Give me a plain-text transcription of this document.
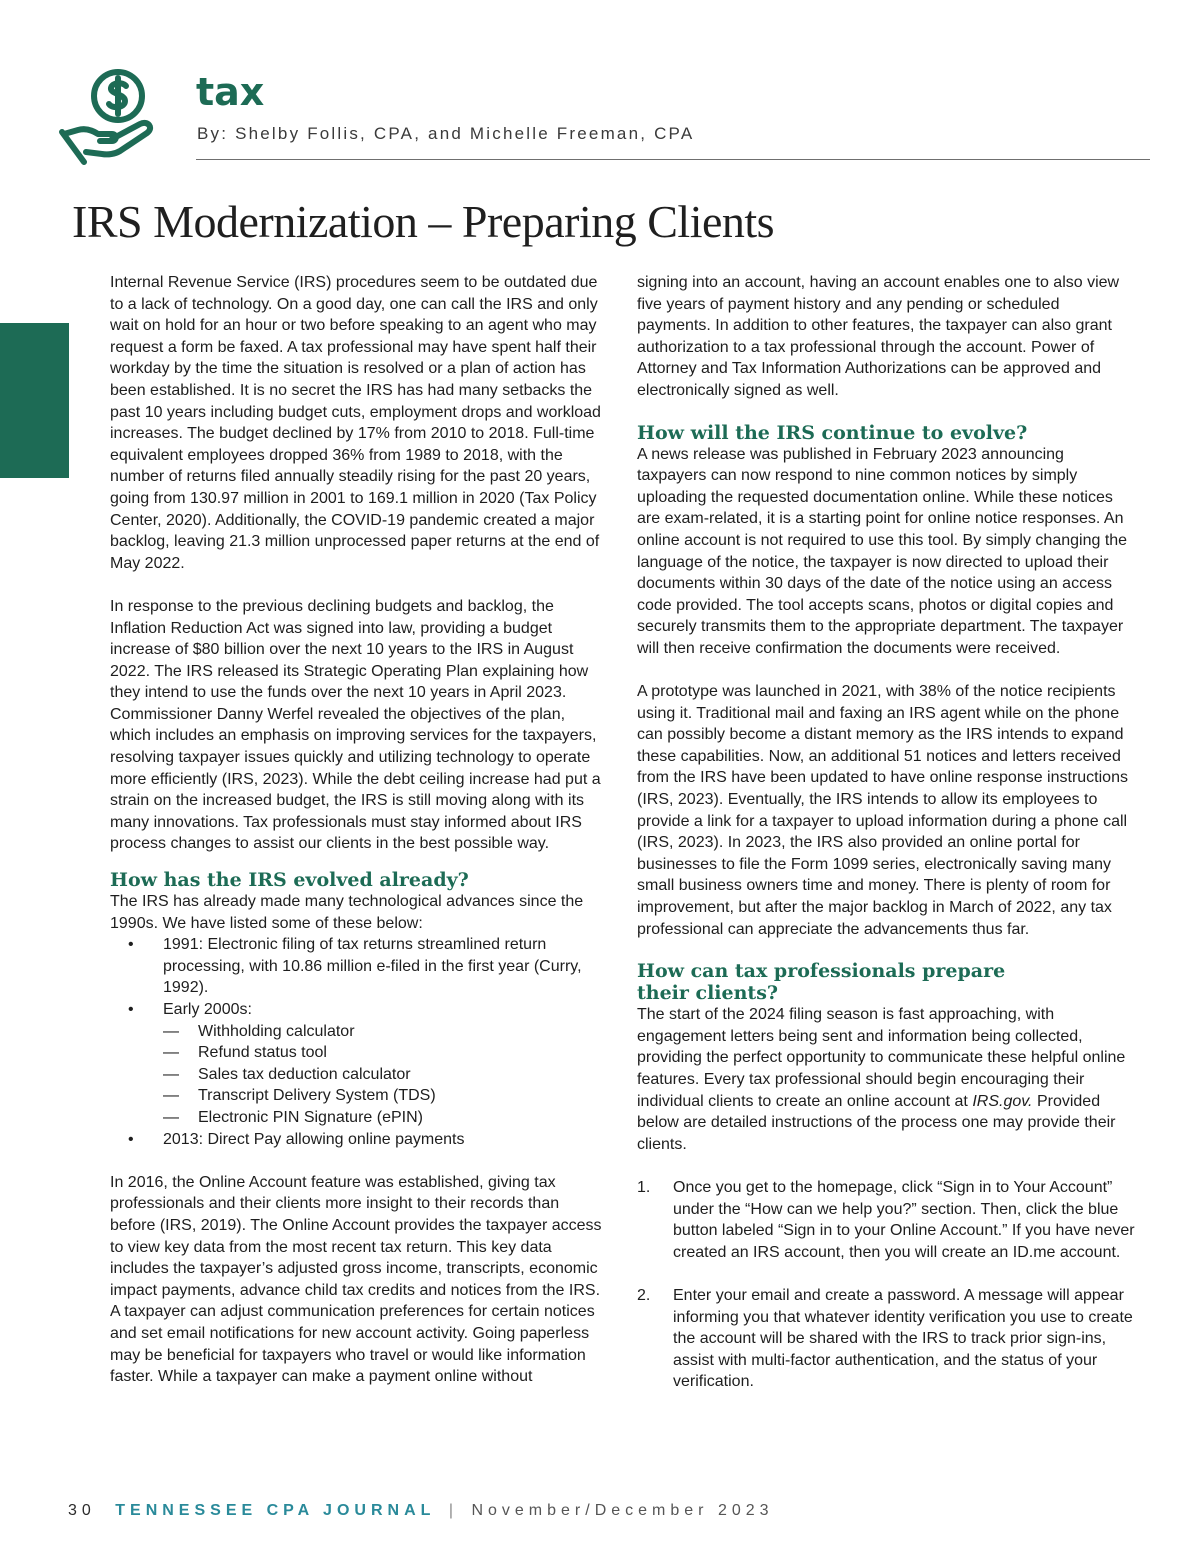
tax
By: Shelby Follis, CPA, and Michelle Freeman, CPA
IRS Modernization – Preparing Clients
tax

Internal Revenue Service (IRS) procedures seem to be outdated due to a lack of technology. On a good day, one can call the IRS and only wait on hold for an hour or two before speaking to an agent who may request a form be faxed. A tax professional may have spent half their workday by the time the situation is resolved or a plan of action has been established. It is no secret the IRS has had many setbacks the past 10 years including budget cuts, employment drops and workload increases. The budget declined by 17% from 2010 to 2018. Full-time equivalent employees dropped 36% from 1989 to 2018, with the number of returns filed annually steadily rising for the past 20 years, going from 130.97 million in 2001 to 169.1 million in 2020 (Tax Policy Center, 2020). Additionally, the COVID-19 pandemic created a major backlog, leaving 21.3 million unprocessed paper returns at the end of May 2022.

In response to the previous declining budgets and backlog, the Inflation Reduction Act was signed into law, providing a budget increase of $80 billion over the next 10 years to the IRS in August 2022. The IRS released its Strategic Operating Plan explaining how they intend to use the funds over the next 10 years in April 2023. Commissioner Danny Werfel revealed the objectives of the plan, which includes an emphasis on improving services for the taxpayers, resolving taxpayer issues quickly and utilizing technology to operate more efficiently (IRS, 2023). While the debt ceiling increase had put a strain on the increased budget, the IRS is still moving along with its many innovations. Tax professionals must stay informed about IRS process changes to assist our clients in the best possible way.

How has the IRS evolved already?

The IRS has already made many technological advances since the 1990s. We have listed some of these below:

• 1991: Electronic filing of tax returns streamlined return processing, with 10.86 million e-filed in the first year (Curry, 1992).
• Early 2000s:
— Withholding calculator
— Refund status tool
— Sales tax deduction calculator
— Transcript Delivery System (TDS)
— Electronic PIN Signature (ePIN)
• 2013: Direct Pay allowing online payments

In 2016, the Online Account feature was established, giving tax professionals and their clients more insight to their records than before (IRS, 2019). The Online Account provides the taxpayer access to view key data from the most recent tax return. This key data includes the taxpayer’s adjusted gross income, transcripts, economic impact payments, advance child tax credits and notices from the IRS. A taxpayer can adjust communication preferences for certain notices and set email notifications for new account activity. Going paperless may be beneficial for taxpayers who travel or would like information faster. While a taxpayer can make a payment online without

signing into an account, having an account enables one to also view five years of payment history and any pending or scheduled payments. In addition to other features, the taxpayer can also grant authorization to a tax professional through the account. Power of Attorney and Tax Information Authorizations can be approved and electronically signed as well.

How will the IRS continue to evolve?

A news release was published in February 2023 announcing taxpayers can now respond to nine common notices by simply uploading the requested documentation online. While these notices are exam-related, it is a starting point for online notice responses. An online account is not required to use this tool. By simply changing the language of the notice, the taxpayer is now directed to upload their documents within 30 days of the date of the notice using an access code provided. The tool accepts scans, photos or digital copies and securely transmits them to the appropriate department. The taxpayer will then receive confirmation the documents were received.

A prototype was launched in 2021, with 38% of the notice recipients using it. Traditional mail and faxing an IRS agent while on the phone can possibly become a distant memory as the IRS intends to expand these capabilities. Now, an additional 51 notices and letters received from the IRS have been updated to have online response instructions (IRS, 2023). Eventually, the IRS intends to allow its employees to provide a link for a taxpayer to upload information during a phone call (IRS, 2023). In 2023, the IRS also provided an online portal for businesses to file the Form 1099 series, electronically saving many small business owners time and money. There is plenty of room for improvement, but after the major backlog in March of 2022, any tax professional can appreciate the advancements thus far.

How can tax professionals prepare
their clients?

The start of the 2024 filing season is fast approaching, with engagement letters being sent and information being collected, providing the perfect opportunity to communicate these helpful online features. Every tax professional should begin encouraging their individual clients to create an online account at IRS.gov. Provided below are detailed instructions of the process one may provide their clients.

1. Once you get to the homepage, click “Sign in to Your Account” under the “How can we help you?” section. Then, click the blue button labeled “Sign in to your Online Account.” If you have never created an IRS account, then you will create an ID.me account.
2. Enter your email and create a password. A message will appear informing you that whatever identity verification you use to create the account will be shared with the IRS to track prior sign-ins, assist with multi-factor authentication, and the status of your verification.
30 TENNESSEE CPA JOURNAL | November/December 2023
